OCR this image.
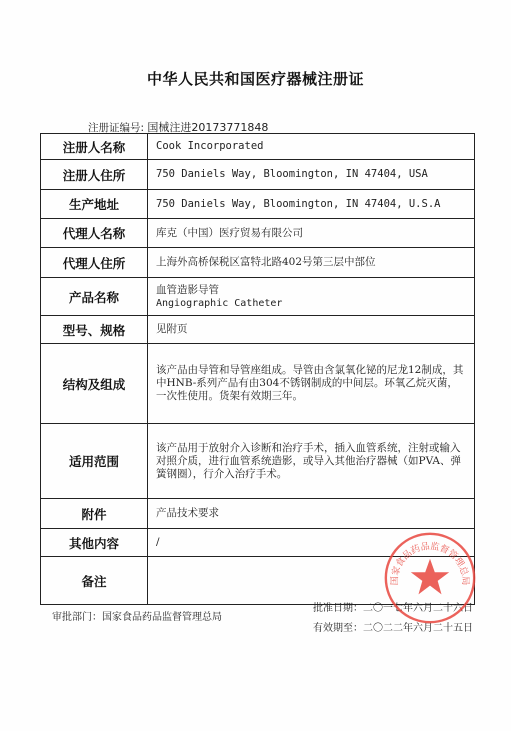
中华人民共和国医疗器械注册证
注册证编号: 国械注进20173771848
注册人名称	Cook Incorporated
注册人住所	750 Daniels Way, Bloomington, IN 47404, USA
生产地址	750 Daniels Way, Bloomington, IN 47404, U.S.A
代理人名称	库克（中国）医疗贸易有限公司
代理人住所	上海外高桥保税区富特北路402号第三层中部位
产品名称	血管造影导管
Angiographic Catheter

型号、规格	见附页
结构及组成	该产品由导管和导管座组成。导管由含氯氧化铋的尼龙12制成，其中HNB-系列产品有由304不锈钢制成的中间层。环氧乙烷灭菌，一次性使用。货架有效期三年。
适用范围	该产品用于放射介入诊断和治疗手术，插入血管系统，注射或输入对照介质，进行血管系统造影，或导入其他治疗器械（如PVA、弹簧钢圈），行介入治疗手术。
附件	产品技术要求
其他内容	/
备注	
审批部门：国家食品药品监督管理总局
批准日期：二〇一七年六月二十六日
有效期至：二〇二二年六月二十五日
国家食品药品监督管理总局
